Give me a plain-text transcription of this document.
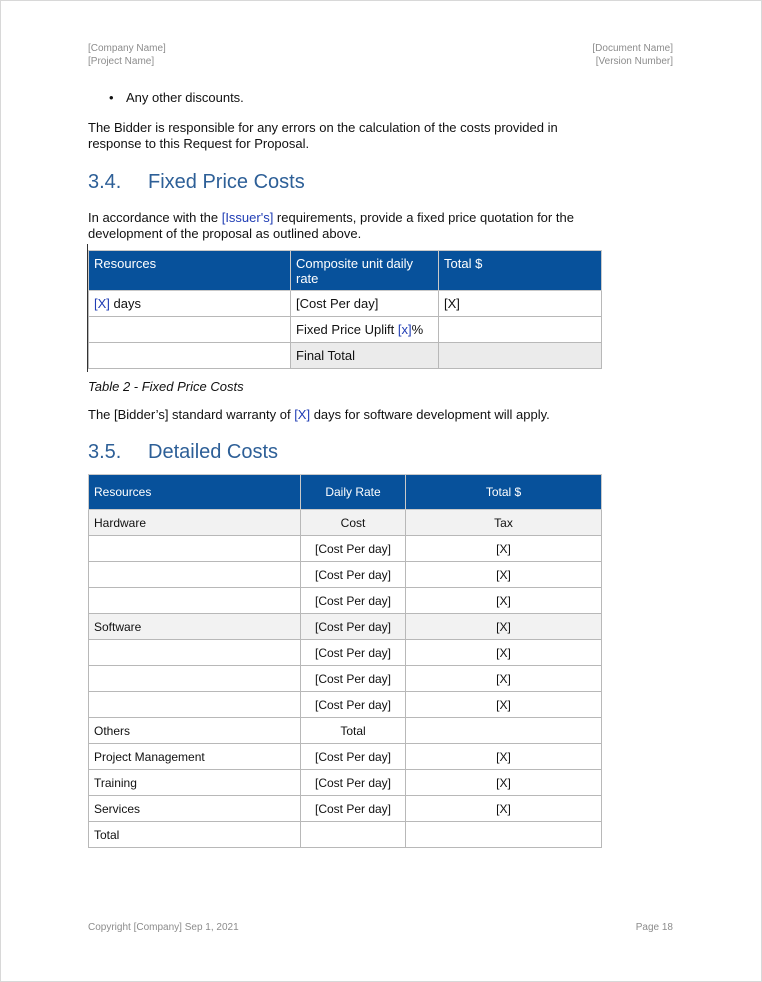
[Company Name]
[Project Name]
[Document Name]
[Version Number]
• Any other discounts.

The Bidder is responsible for any errors on the calculation of the costs provided in response to this Request for Proposal.

3.4.	Fixed Price Costs

In accordance with the [Issuer's] requirements, provide a fixed price quotation for the development of the proposal as outlined above.

Resources	Composite unit daily rate	Total $
[X] days	[Cost Per day]	[X]
	Fixed Price Uplift [x]%	
	Final Total	
Table 2 - Fixed Price Costs

The [Bidder’s] standard warranty of [X] days for software development will apply.

3.5.	Detailed Costs
Resources	Daily Rate	Total $
Hardware	Cost	Tax
	[Cost Per day]	[X]
	[Cost Per day]	[X]
	[Cost Per day]	[X]
Software	[Cost Per day]	[X]
	[Cost Per day]	[X]
	[Cost Per day]	[X]
	[Cost Per day]	[X]
Others	Total	
Project Management	[Cost Per day]	[X]
Training	[Cost Per day]	[X]
Services	[Cost Per day]	[X]
Total		
Copyright [Company] Sep 1, 2021	Page 18
